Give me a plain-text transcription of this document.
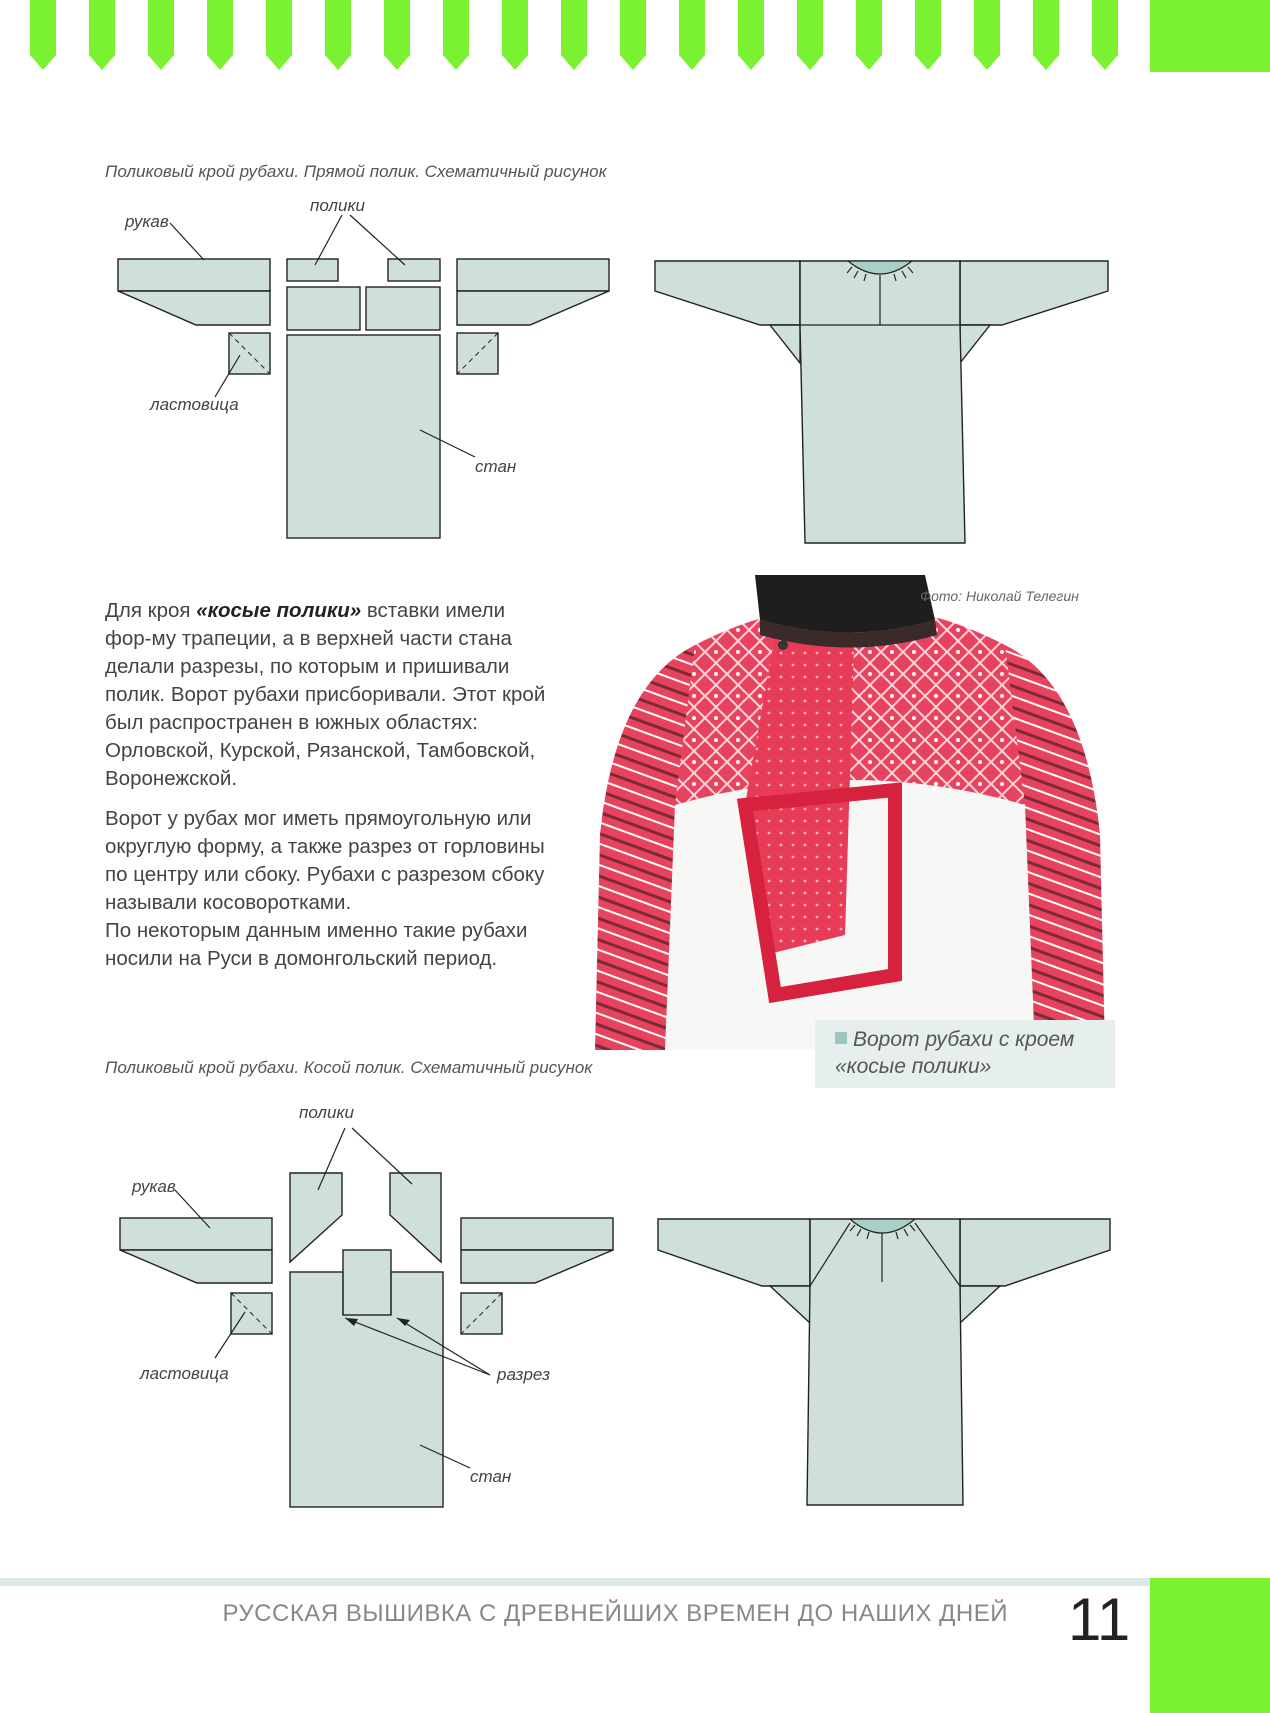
Поликовый крой рубахи. Прямой полик. Схематичный рисунок
рукав
полики
ластовица
стан

Для кроя «косые полики» вставки имели фор-му трапеции, а в верхней части стана делали разрезы, по которым и пришивали полик. Ворот рубахи присборивали. Этот крой был распространен в южных областях: Орловской, Курской, Рязанской, Тамбовской, Воронежской.

Ворот у рубах мог иметь прямоугольную или округлую форму, а также разрез от горловины по центру или сбоку. Рубахи с разрезом сбоку называли косоворотками.

По некоторым данным именно такие рубахи носили на Руси в домонгольский период.

Фото: Николай Телегин
Ворот рубахи с кроем «косые полики»
Поликовый крой рубахи. Косой полик. Схематичный рисунок
рукав
полики
ластовица	разрез
стан
РУССКАЯ ВЫШИВКА С ДРЕВНЕЙШИХ ВРЕМЕН ДО НАШИХ ДНЕЙ 11
